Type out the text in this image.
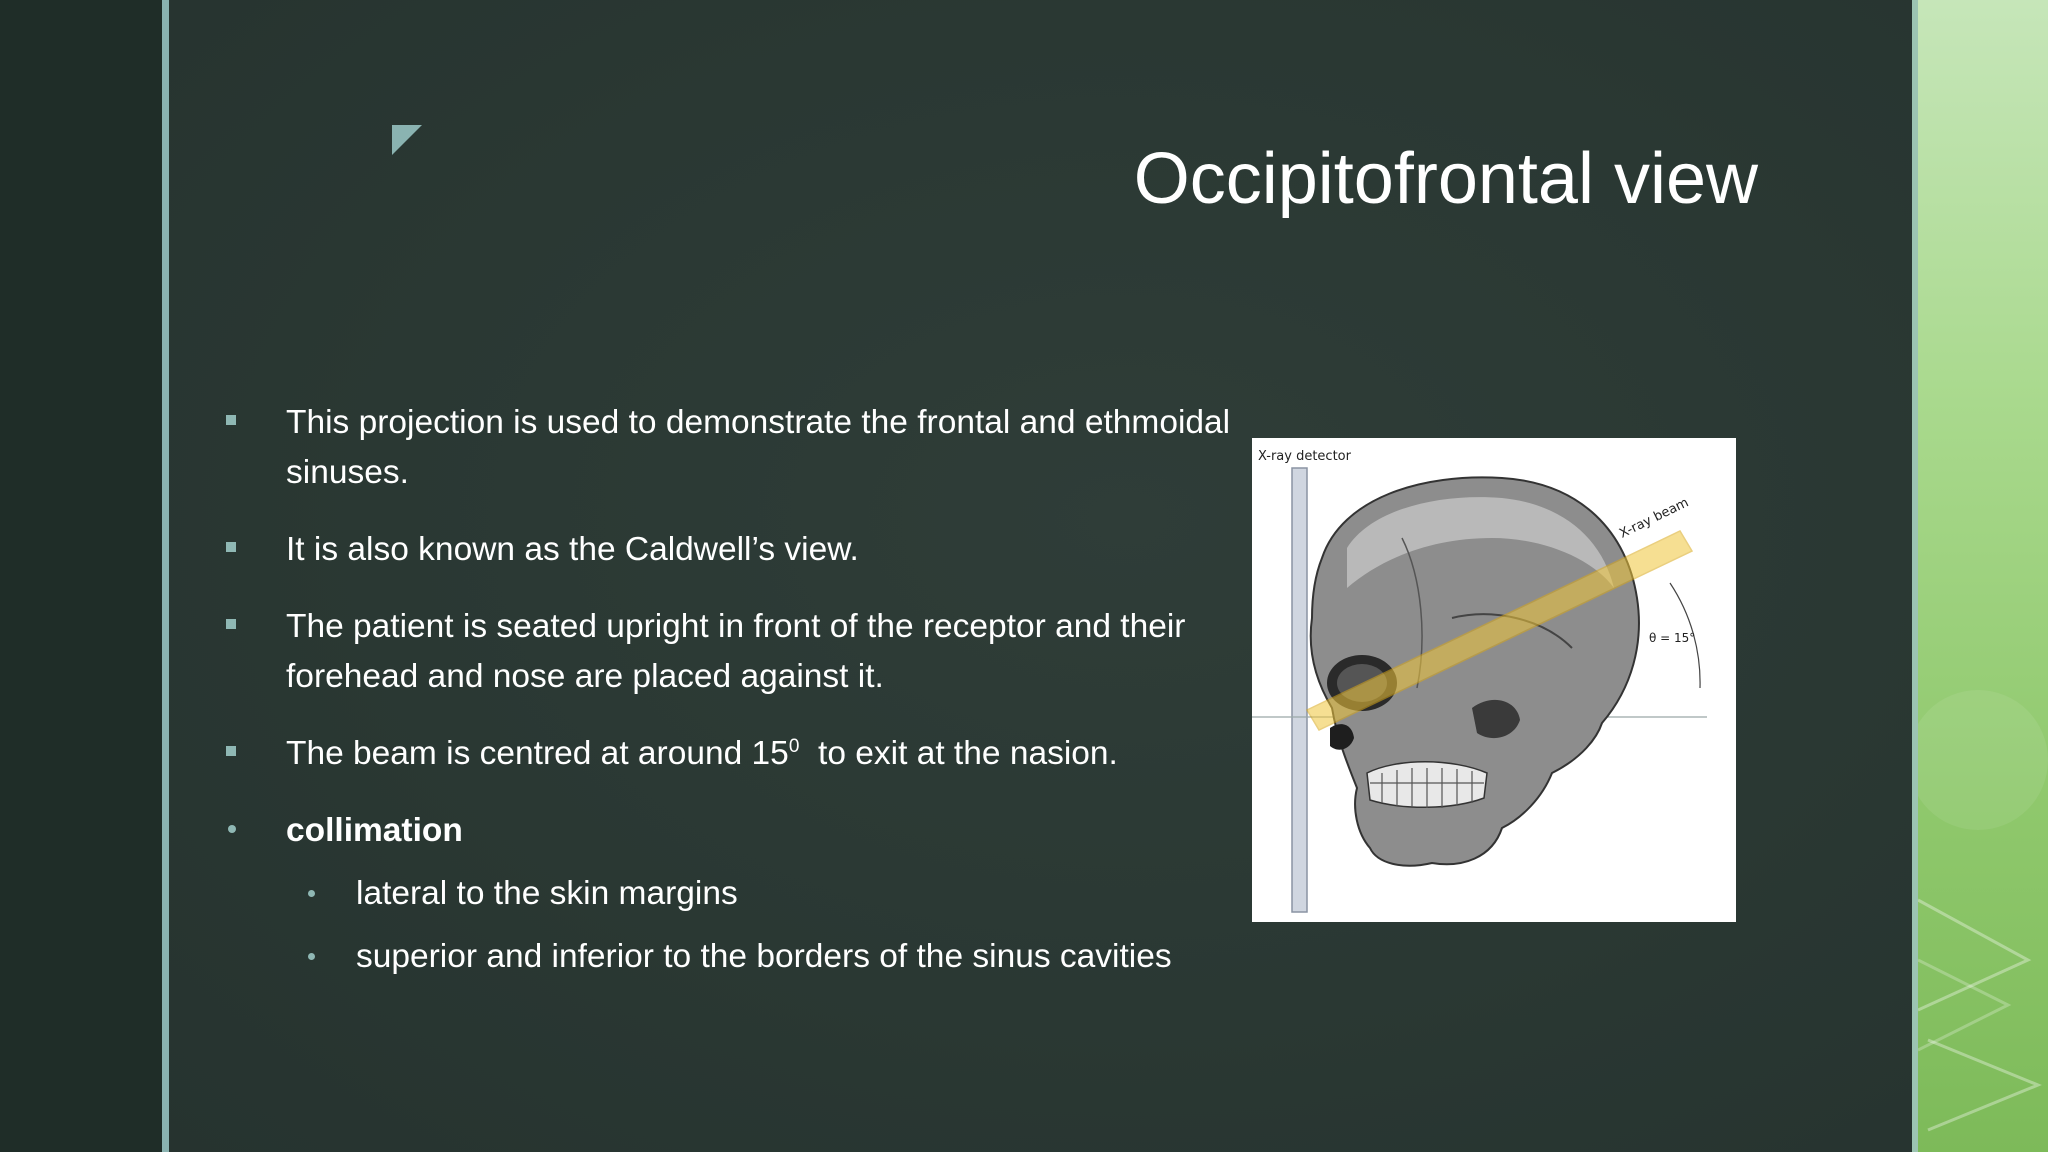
Occipitofrontal view
This projection is used to demonstrate the frontal and ethmoidal sinuses.
It is also known as the Caldwell’s view.
The patient is seated upright in front of the receptor and their forehead and nose are placed against it.
The beam is centred at around $15^0$  to exit at the nasion.
collimation
lateral to the skin margins
superior and inferior to the borders of the sinus cavities
X-ray detector
X-ray beam
θ = 15°
